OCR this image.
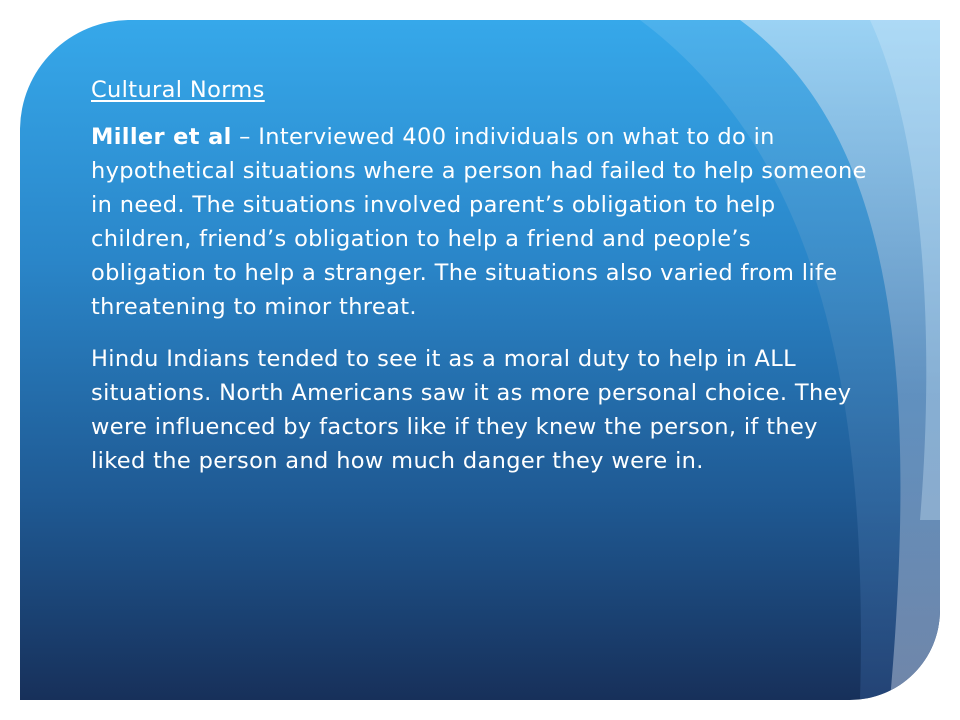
Cultural Norms

Miller et al – Interviewed 400 individuals on what to do in hypothetical situations where a person had failed to help someone in need. The situations involved parent’s obligation to help children, friend’s obligation to help a friend and people’s obligation to help a stranger. The situations also varied from life threatening to minor threat.

Hindu Indians tended to see it as a moral duty to help in ALL situations. North Americans saw it as more personal choice. They were influenced by factors like if they knew the person, if they liked the person and how much danger they were in.
